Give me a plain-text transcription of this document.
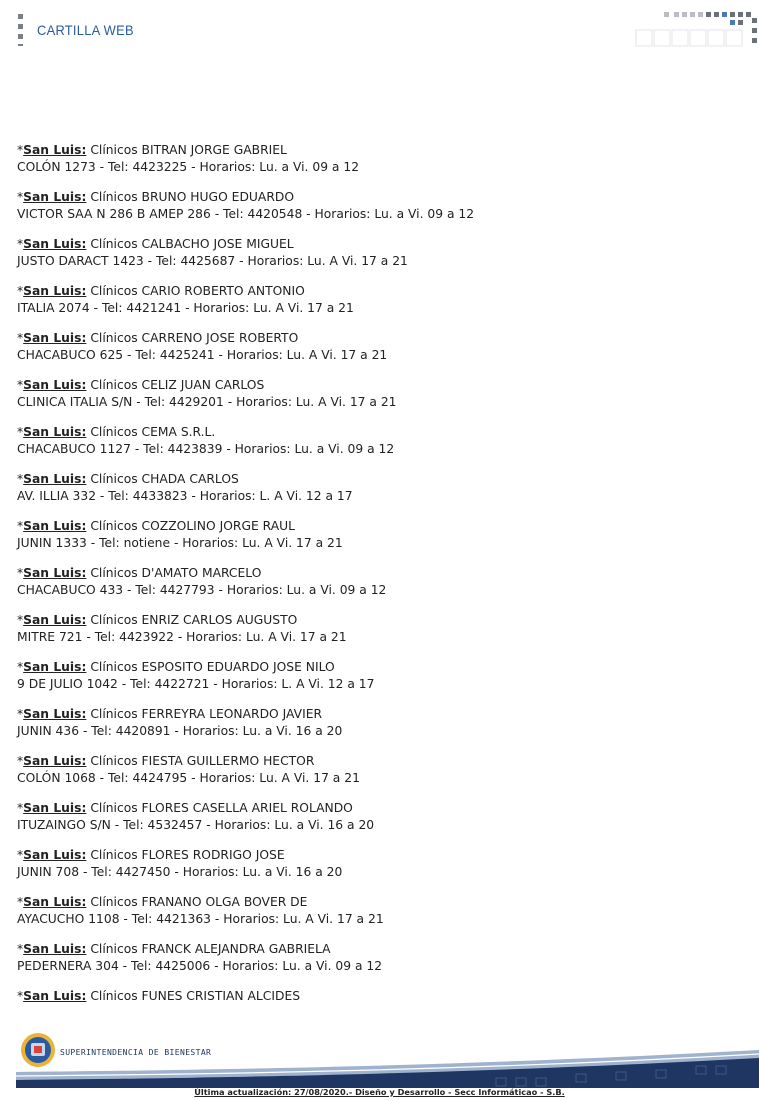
CARTILLA WEB
*San Luis: Clínicos BITRAN JORGE GABRIEL
COLÓN 1273 - Tel: 4423225 - Horarios: Lu. a Vi. 09 a 12
*San Luis: Clínicos BRUNO HUGO EDUARDO
VICTOR SAA N 286 B AMEP 286 - Tel: 4420548 - Horarios: Lu. a Vi. 09 a 12
*San Luis: Clínicos CALBACHO JOSE MIGUEL
JUSTO DARACT 1423 - Tel: 4425687 - Horarios: Lu. A Vi. 17 a 21
*San Luis: Clínicos CARIO ROBERTO ANTONIO
ITALIA 2074 - Tel: 4421241 - Horarios: Lu. A Vi. 17 a 21
*San Luis: Clínicos CARRENO JOSE ROBERTO
CHACABUCO 625 - Tel: 4425241 - Horarios: Lu. A Vi. 17 a 21
*San Luis: Clínicos CELIZ JUAN CARLOS
CLINICA ITALIA S/N - Tel: 4429201 - Horarios: Lu. A Vi. 17 a 21
*San Luis: Clínicos CEMA S.R.L.
CHACABUCO 1127 - Tel: 4423839 - Horarios: Lu. a Vi. 09 a 12
*San Luis: Clínicos CHADA CARLOS
AV. ILLIA 332 - Tel: 4433823 - Horarios: L. A Vi. 12 a 17
*San Luis: Clínicos COZZOLINO JORGE RAUL
JUNIN 1333 - Tel: notiene - Horarios: Lu. A Vi. 17 a 21
*San Luis: Clínicos D'AMATO MARCELO
CHACABUCO 433 - Tel: 4427793 - Horarios: Lu. a Vi. 09 a 12
*San Luis: Clínicos ENRIZ CARLOS AUGUSTO
MITRE 721 - Tel: 4423922 - Horarios: Lu. A Vi. 17 a 21
*San Luis: Clínicos ESPOSITO EDUARDO JOSE NILO
9 DE JULIO 1042 - Tel: 4422721 - Horarios: L. A Vi. 12 a 17
*San Luis: Clínicos FERREYRA LEONARDO JAVIER
JUNIN 436 - Tel: 4420891 - Horarios: Lu. a Vi. 16 a 20
*San Luis: Clínicos FIESTA GUILLERMO HECTOR
COLÓN 1068 - Tel: 4424795 - Horarios: Lu. A Vi. 17 a 21
*San Luis: Clínicos FLORES CASELLA ARIEL ROLANDO
ITUZAINGO S/N - Tel: 4532457 - Horarios: Lu. a Vi. 16 a 20
*San Luis: Clínicos FLORES RODRIGO JOSE
JUNIN 708 - Tel: 4427450 - Horarios: Lu. a Vi. 16 a 20
*San Luis: Clínicos FRANANO OLGA BOVER DE
AYACUCHO 1108 - Tel: 4421363 - Horarios: Lu. A Vi. 17 a 21
*San Luis: Clínicos FRANCK ALEJANDRA GABRIELA
PEDERNERA 304 - Tel: 4425006 - Horarios: Lu. a Vi. 09 a 12
*San Luis: Clínicos FUNES CRISTIAN ALCIDES
SUPERINTENDENCIA DE BIENESTAR
Última actualización: 27/08/2020.- Diseño y Desarrollo - Secc Informáticao - S.B.
